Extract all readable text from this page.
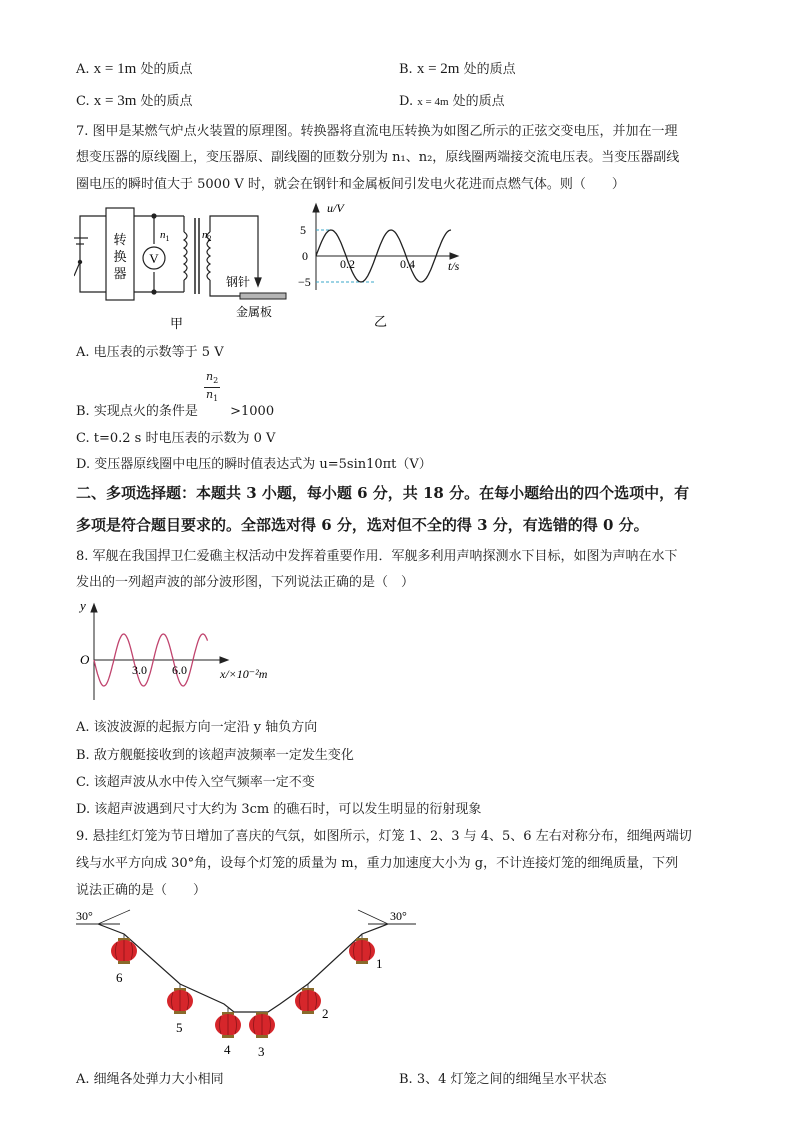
A. x = 1m 处的质点	B. x = 2m 处的质点
C. x = 3m 处的质点	D. x = 4m 处的质点
7. 图甲是某燃气炉点火装置的原理图。转换器将直流电压转换为如图乙所示的正弦交变电压，并加在一理
想变压器的原线圈上，变压器原、副线圈的匝数分别为 n₁、n₂，原线圈两端接交流电压表。当变压器副线
圈电压的瞬时值大于 5000 V 时，就会在钢针和金属板间引发电火花进而点燃气体。则（　　）
转
换
器
V
$n_1$	$n_2$
钢针
金属板
甲
u/V
5
0
−5
0.2	0.4	t/s
乙
A. 电压表的示数等于 5 V
$n_2$
$n_1$
B. 实现点火的条件是 >1000
C. t=0.2 s 时电压表的示数为 0 V
D. 变压器原线圈中电压的瞬时值表达式为 u=5sin10πt（V）
二、多项选择题：本题共 3 小题，每小题 6 分，共 18 分。在每小题给出的四个选项中，有
多项是符合题目要求的。全部选对得 6 分，选对但不全的得 3 分，有选错的得 0 分。
8. 军舰在我国捍卫仁爱礁主权活动中发挥着重要作用．军舰多利用声呐探测水下目标，如图为声呐在水下
发出的一列超声波的部分波形图，下列说法正确的是（　）
y
O
3.0 6.0	x/×10⁻²m
A. 该波波源的起振方向一定沿 y 轴负方向
B. 敌方舰艇接收到的该超声波频率一定发生变化
C. 该超声波从水中传入空气频率一定不变
D. 该超声波遇到尺寸大约为 3cm 的礁石时，可以发生明显的衍射现象
9. 悬挂红灯笼为节日增加了喜庆的气氛，如图所示，灯笼 1、2、3 与 4、5、6 左右对称分布，细绳两端切
线与水平方向成 30°角，设每个灯笼的质量为 m，重力加速度大小为 g，不计连接灯笼的细绳质量，下列
说法正确的是（　　）
30°	30°
1
2
3
4
5
6
A. 细绳各处弹力大小相同	B. 3、4 灯笼之间的细绳呈水平状态
